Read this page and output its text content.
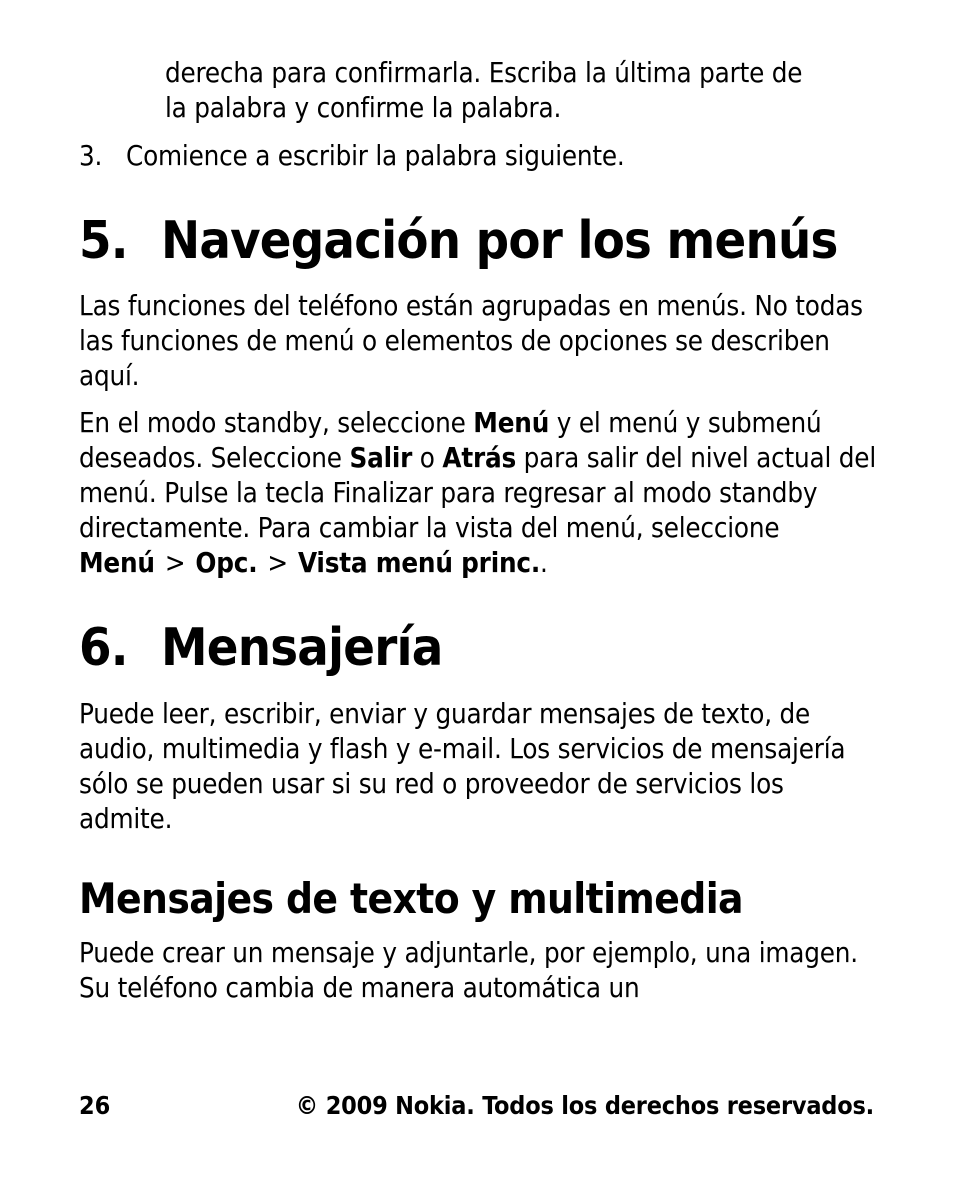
derecha para confirmarla. Escriba la última parte de
la palabra y confirme la palabra.

3. Comience a escribir la palabra siguiente.
5. Navegación por los menús

Las funciones del teléfono están agrupadas en menús. No todas las funciones de menú o elementos de opciones se describen aquí.

En el modo standby, seleccione Menú y el menú y submenú deseados. Seleccione Salir o Atrás para salir del nivel actual del menú. Pulse la tecla Finalizar para regresar al modo standby directamente. Para cambiar la vista del menú, seleccione Menú > Opc. > Vista menú princ..

6. Mensajería

Puede leer, escribir, enviar y guardar mensajes de texto, de audio, multimedia y flash y e-mail. Los servicios de mensajería sólo se pueden usar si su red o proveedor de servicios los admite.

Mensajes de texto y multimedia

Puede crear un mensaje y adjuntarle, por ejemplo, una imagen. Su teléfono cambia de manera automática un

26	© 2009 Nokia. Todos los derechos reservados.
